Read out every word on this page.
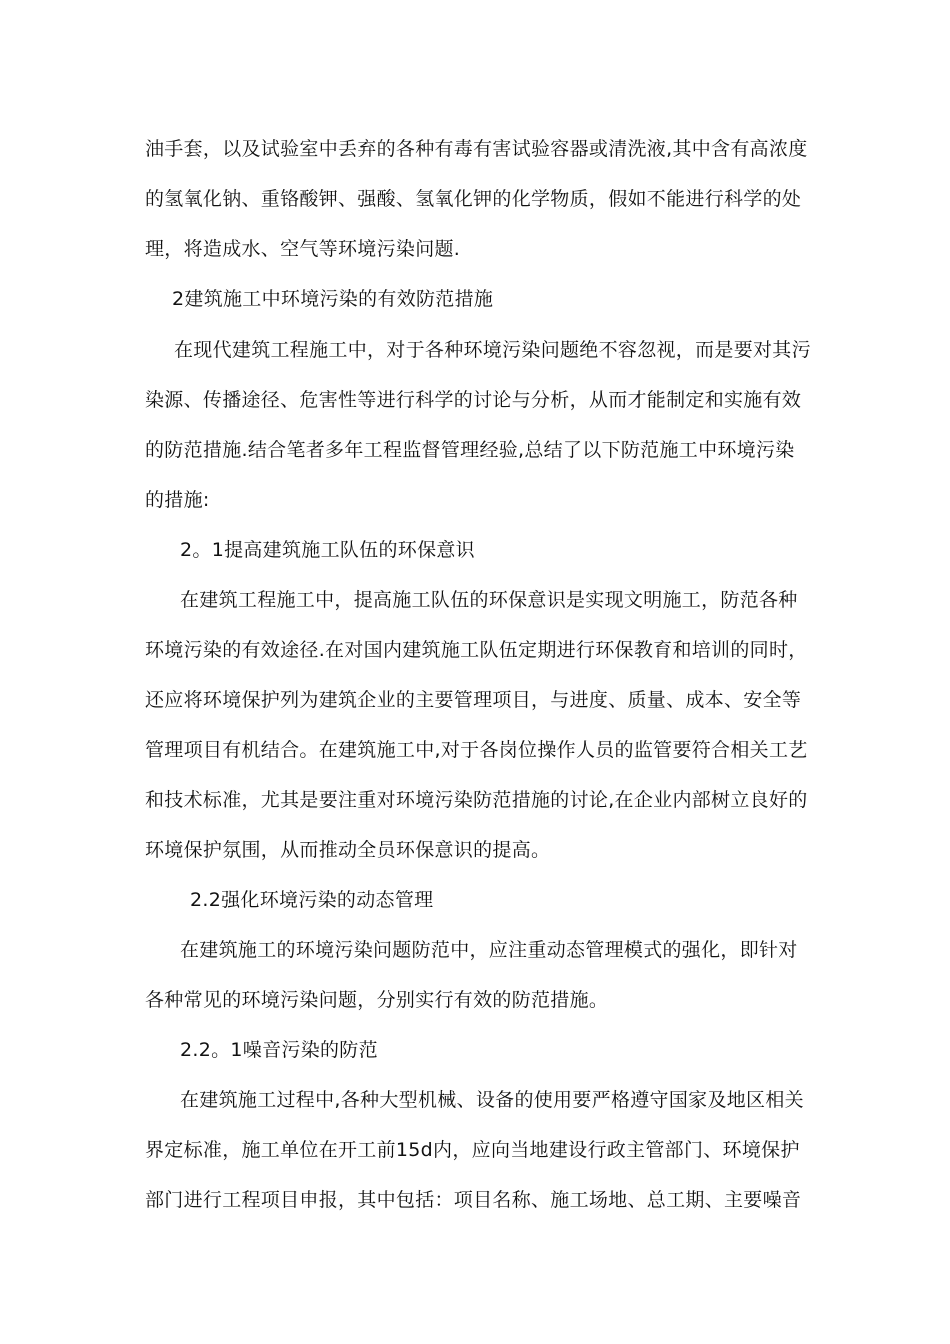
油手套，以及试验室中丢弃的各种有毒有害试验容器或清洗液,其中含有高浓度
的氢氧化钠、重铬酸钾、强酸、氢氧化钾的化学物质，假如不能进行科学的处
理，将造成水、空气等环境污染问题.
2建筑施工中环境污染的有效防范措施
在现代建筑工程施工中，对于各种环境污染问题绝不容忽视，而是要对其污
染源、传播途径、危害性等进行科学的讨论与分析，从而才能制定和实施有效
的防范措施.结合笔者多年工程监督管理经验,总结了以下防范施工中环境污染
的措施:
2。1提高建筑施工队伍的环保意识
在建筑工程施工中，提高施工队伍的环保意识是实现文明施工，防范各种
环境污染的有效途径.在对国内建筑施工队伍定期进行环保教育和培训的同时，
还应将环境保护列为建筑企业的主要管理项目，与进度、质量、成本、安全等
管理项目有机结合。在建筑施工中,对于各岗位操作人员的监管要符合相关工艺
和技术标准，尤其是要注重对环境污染防范措施的讨论,在企业内部树立良好的
环境保护氛围，从而推动全员环保意识的提高。
2.2强化环境污染的动态管理
在建筑施工的环境污染问题防范中，应注重动态管理模式的强化，即针对
各种常见的环境污染问题，分别实行有效的防范措施。
2.2。1噪音污染的防范
在建筑施工过程中,各种大型机械、设备的使用要严格遵守国家及地区相关
界定标准，施工单位在开工前15d内，应向当地建设行政主管部门、环境保护
部门进行工程项目申报，其中包括：项目名称、施工场地、总工期、主要噪音
